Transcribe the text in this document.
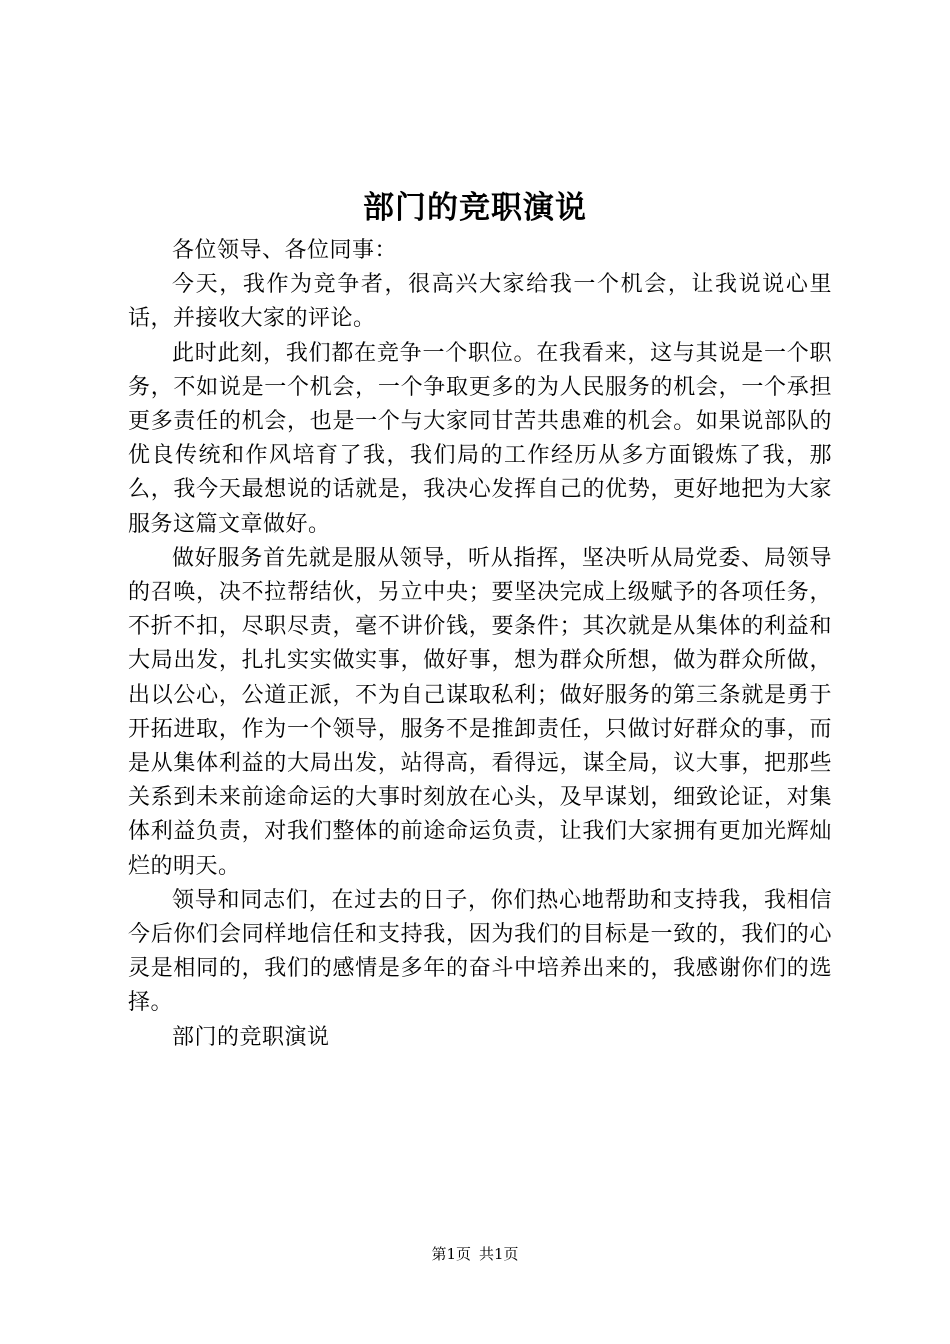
部门的竞职演说

各位领导、各位同事：

今天，我作为竞争者，很高兴大家给我一个机会，让我说说心里话，并接收大家的评论。

此时此刻，我们都在竞争一个职位。在我看来，这与其说是一个职务，不如说是一个机会，一个争取更多的为人民服务的机会，一个承担更多责任的机会，也是一个与大家同甘苦共患难的机会。如果说部队的优良传统和作风培育了我，我们局的工作经历从多方面锻炼了我，那么，我今天最想说的话就是，我决心发挥自己的优势，更好地把为大家服务这篇文章做好。

做好服务首先就是服从领导，听从指挥，坚决听从局党委、局领导的召唤，决不拉帮结伙，另立中央；要坚决完成上级赋予的各项任务，不折不扣，尽职尽责，毫不讲价钱，要条件；其次就是从集体的利益和大局出发，扎扎实实做实事，做好事，想为群众所想，做为群众所做，出以公心，公道正派，不为自己谋取私利；做好服务的第三条就是勇于开拓进取，作为一个领导，服务不是推卸责任，只做讨好群众的事，而是从集体利益的大局出发，站得高，看得远，谋全局，议大事，把那些关系到未来前途命运的大事时刻放在心头，及早谋划，细致论证，对集体利益负责，对我们整体的前途命运负责，让我们大家拥有更加光辉灿烂的明天。

领导和同志们，在过去的日子，你们热心地帮助和支持我，我相信今后你们会同样地信任和支持我，因为我们的目标是一致的，我们的心灵是相同的，我们的感情是多年的奋斗中培养出来的，我感谢你们的选择。

部门的竞职演说

第1页 共1页
